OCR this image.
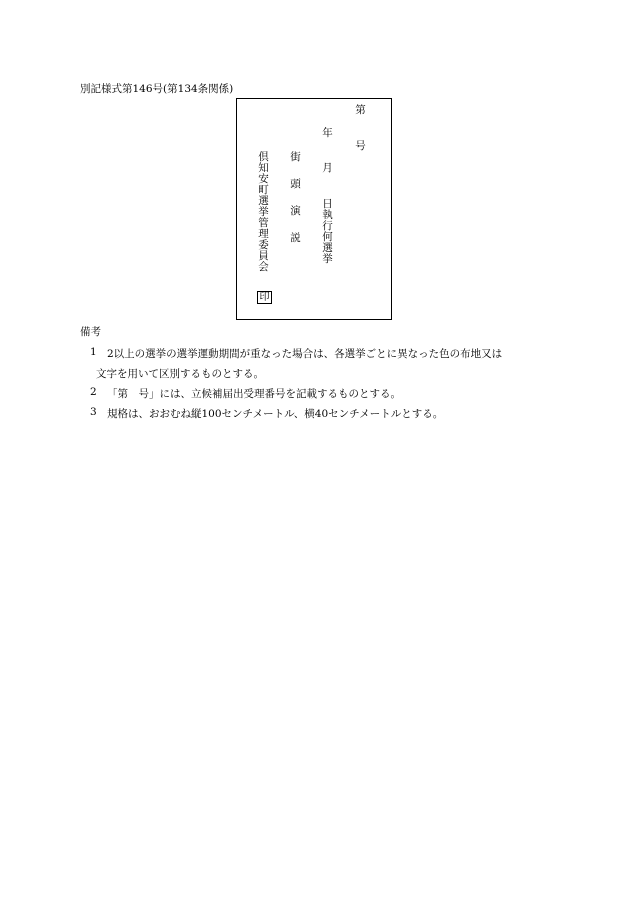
別記様式第146号(第134条関係)
第
号
年
月
日執行何選挙
街　頭　演　説
倶知安町選挙管理委員会
印
備考
1 2以上の選挙の選挙運動期間が重なった場合は、各選挙ごとに異なった色の布地又は
文字を用いて区別するものとする。
2 「第　号」には、立候補届出受理番号を記載するものとする。
3 規格は、おおむね縦100センチメートル、横40センチメートルとする。
